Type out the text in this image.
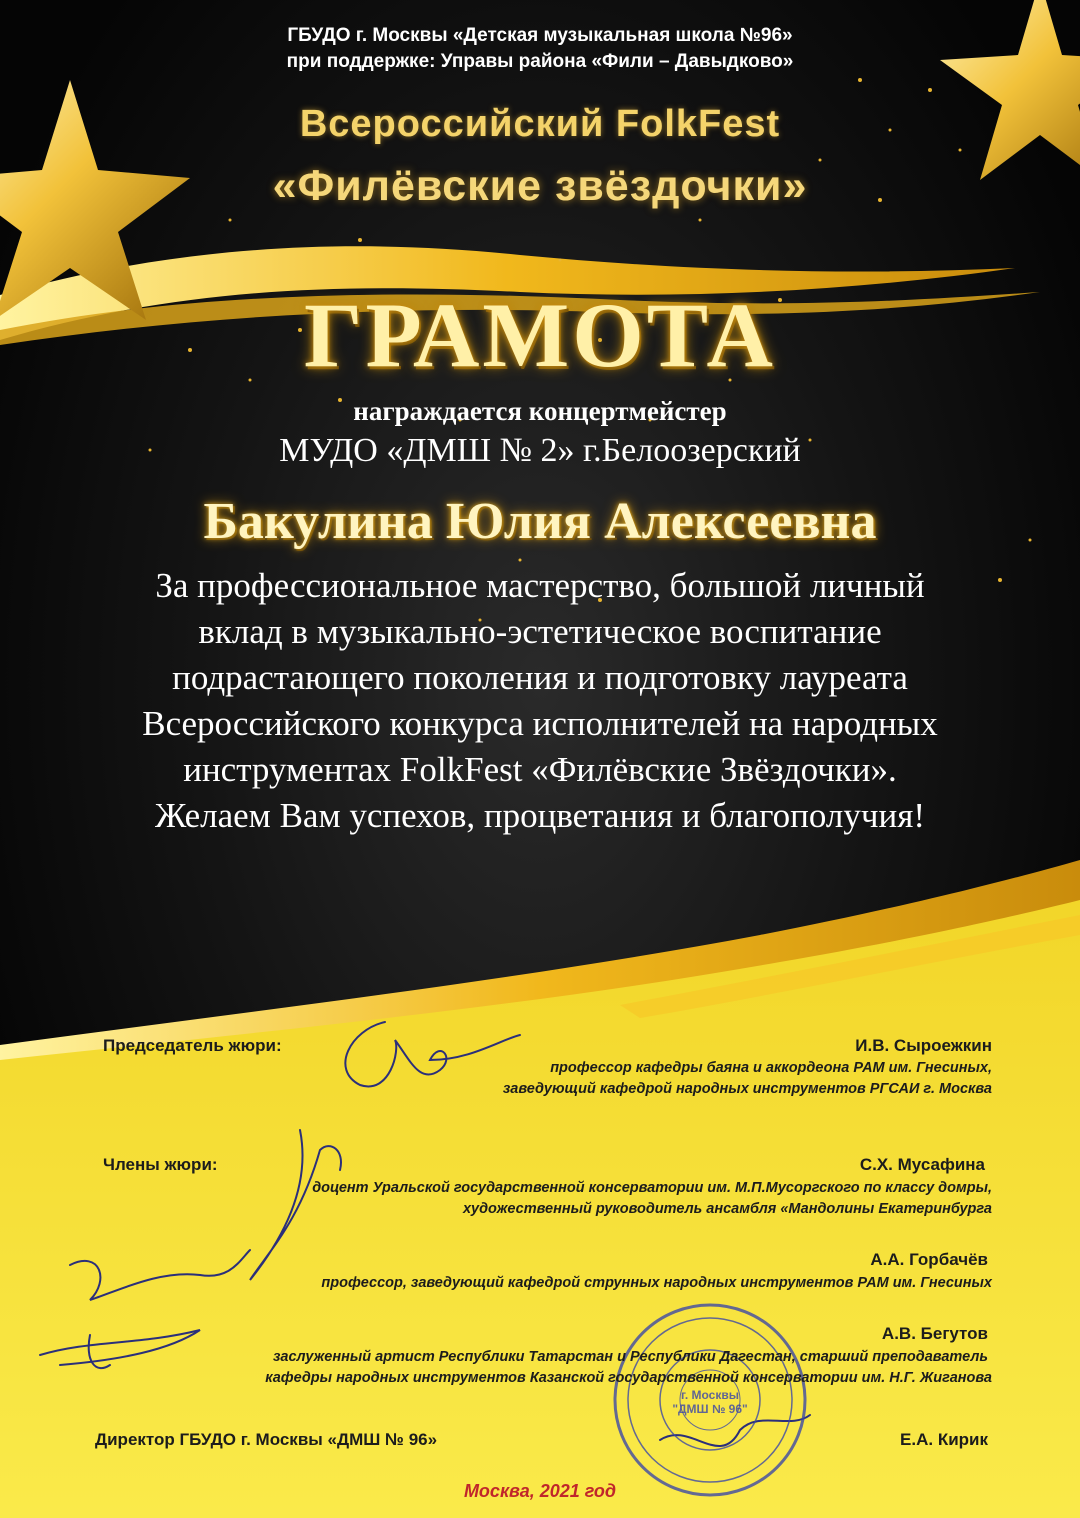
ГБУДО г. Москвы «Детская музыкальная школа №96»
при поддержке: Управы района «Фили – Давыдково»
Всероссийский FolkFest
«Филёвские звёздочки»
ГРАМОТА
награждается концертмейстер
МУДО «ДМШ № 2» г.Белоозерский
Бакулина Юлия Алексеевна
За профессиональное мастерство, большой личный
вклад в музыкально-эстетическое воспитание
подрастающего поколения и подготовку лауреата
Всероссийского конкурса исполнителей на народных
инструментах FolkFest «Филёвские Звёздочки».
Желаем Вам успехов, процветания и благополучия!
Председатель жюри:	И.В. Сыроежкин
профессор кафедры баяна и аккордеона РАМ им. Гнесиных,
заведующий кафедрой народных инструментов РГСАИ г. Москва
Члены жюри:	С.Х. Мусафина
доцент Уральской государственной консерватории им. М.П.Мусоргского по классу домры,
художественный руководитель ансамбля «Мандолины Екатеринбурга
А.А. Горбачёв
профессор, заведующий кафедрой струнных народных инструментов РАМ им. Гнесиных
А.В. Бегутов
заслуженный артист Республики Татарстан и Республики Дагестан, старший преподаватель
кафедры народных инструментов Казанской государственной консерватории им. Н.Г. Жиганова
г. Москвы
"ДМШ № 96"
Директор ГБУДО г. Москвы «ДМШ № 96»	Е.А. Кирик
Москва, 2021 год
